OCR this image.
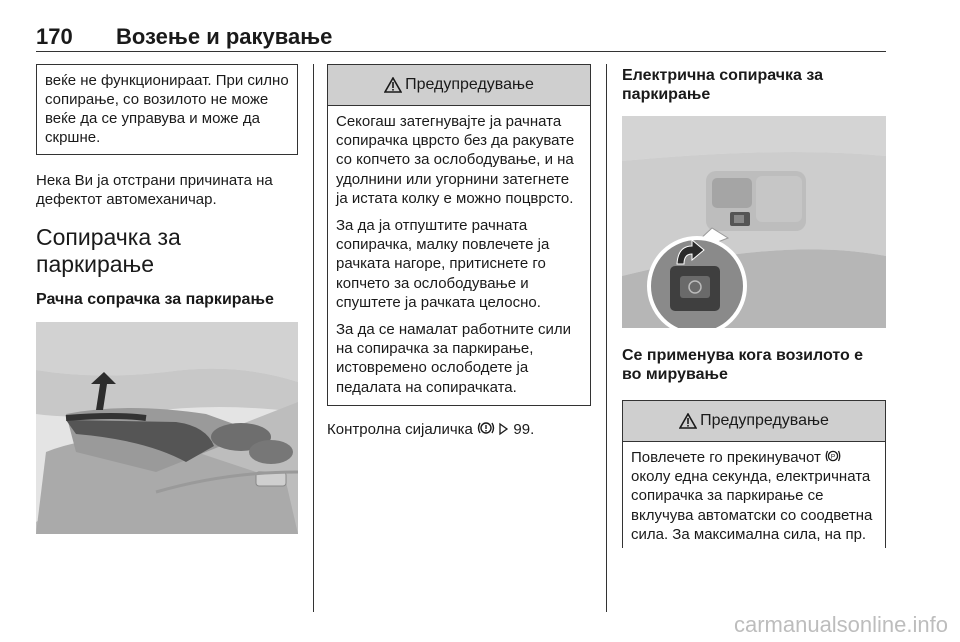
170 Возење и ракување
веќе не функционираат. При силно сопирање, со возилото не може веќе да се управува и може да скршне.

Нека Ви ја отстрани причината на дефектот автомеханичар.

Сопирачка за паркирање
Рачна сопрачка за паркирање
Предупредување

Секогаш затегнувајте ја рачната сопирачка цврсто без да ракувате со копчето за ослободување, и на удолнини или угорнини затегнете ја истата колку е можно поцврсто.

За да ја отпуштите рачната сопирачка, малку повлечете ја рачката нагоре, притиснете го копчето за ослободување и спуштете ја рачката целосно.

За да се намалат работните сили на сопирачка за паркирање, истовремено ослободете ја педалата на сопирачката.

Контролна сијаличка	99.

Електрична сопирачка за паркирање
Се применува кога возилото е во мирување
Предупредување
Повлечете го прекинувачот P
околу една секунда, електричната сопирачка за паркирање се вклучува автоматски со соодветна сила. За максимална сила, на пр.
carmanualsonline.info
